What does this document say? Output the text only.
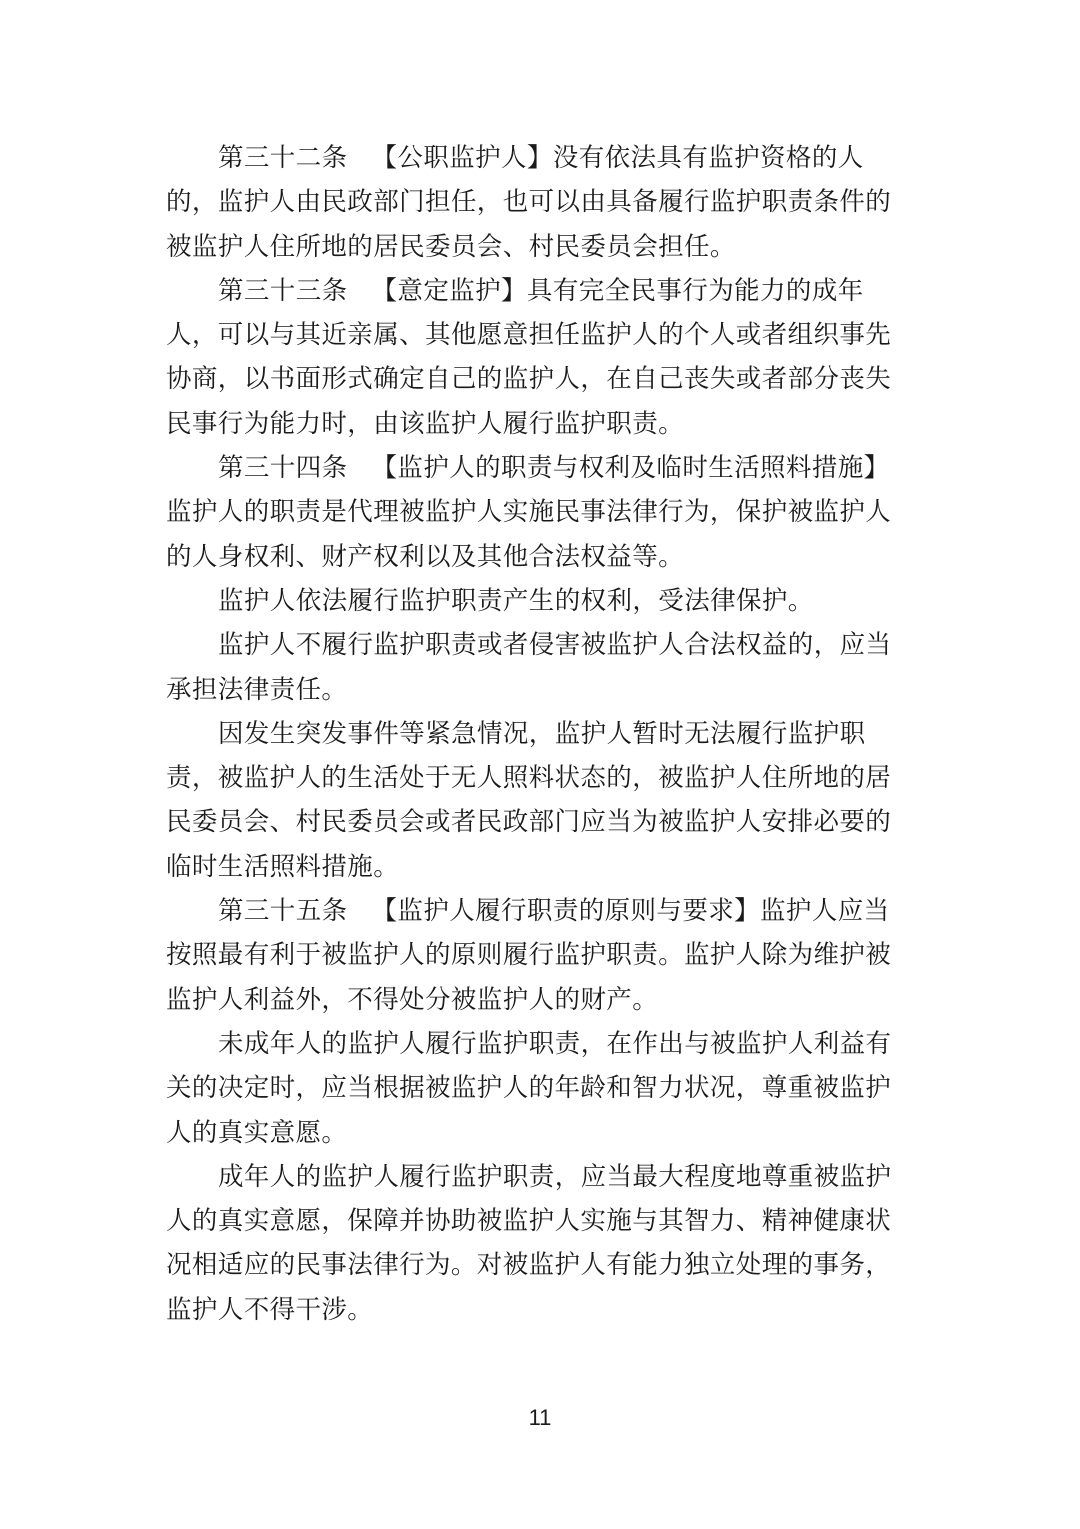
第三十二条 【公职监护人】没有依法具有监护资格的人的，监护人由民政部门担任，也可以由具备履行监护职责条件的被监护人住所地的居民委员会、村民委员会担任。

第三十三条 【意定监护】具有完全民事行为能力的成年人，可以与其近亲属、其他愿意担任监护人的个人或者组织事先协商，以书面形式确定自己的监护人，在自己丧失或者部分丧失民事行为能力时，由该监护人履行监护职责。

第三十四条 【监护人的职责与权利及临时生活照料措施】监护人的职责是代理被监护人实施民事法律行为，保护被监护人的人身权利、财产权利以及其他合法权益等。

监护人依法履行监护职责产生的权利，受法律保护。

监护人不履行监护职责或者侵害被监护人合法权益的，应当承担法律责任。

因发生突发事件等紧急情况，监护人暂时无法履行监护职责，被监护人的生活处于无人照料状态的，被监护人住所地的居民委员会、村民委员会或者民政部门应当为被监护人安排必要的临时生活照料措施。

第三十五条 【监护人履行职责的原则与要求】监护人应当按照最有利于被监护人的原则履行监护职责。监护人除为维护被监护人利益外，不得处分被监护人的财产。

未成年人的监护人履行监护职责，在作出与被监护人利益有关的决定时，应当根据被监护人的年龄和智力状况，尊重被监护人的真实意愿。

成年人的监护人履行监护职责，应当最大程度地尊重被监护人的真实意愿，保障并协助被监护人实施与其智力、精神健康状况相适应的民事法律行为。对被监护人有能力独立处理的事务，监护人不得干涉。

11
